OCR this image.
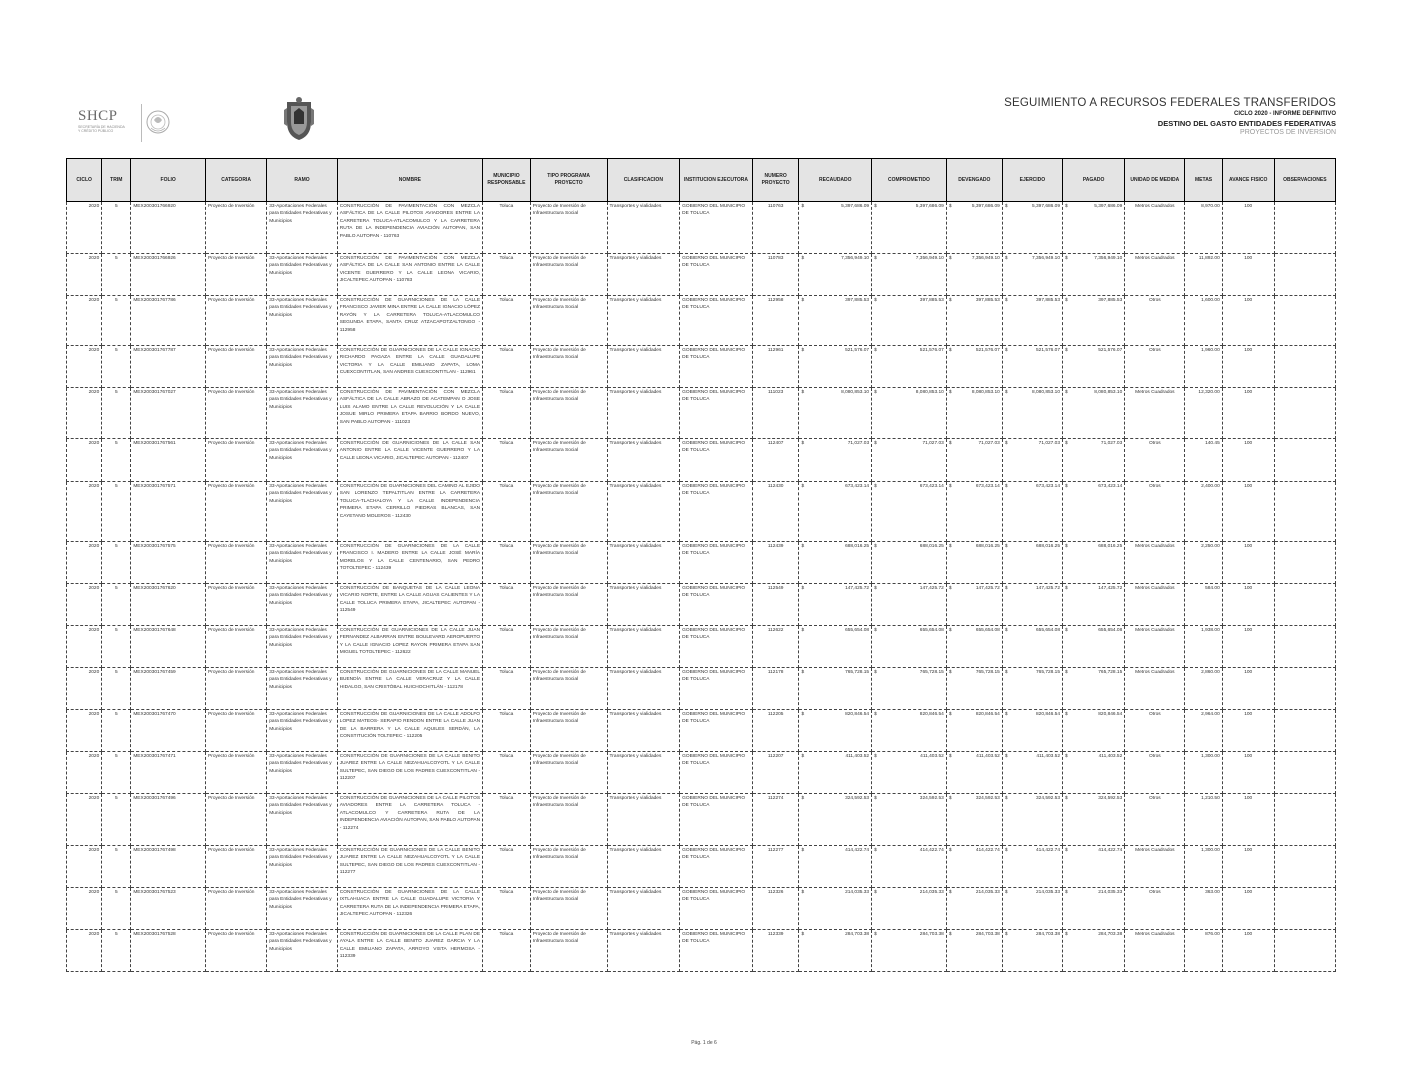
SHCP
SECRETARÍA DE HACIENDA
Y CRÉDITO PÚBLICO
SEGUIMIENTO A RECURSOS FEDERALES TRANSFERIDOS
CICLO 2020 - INFORME DEFINITIVO
DESTINO DEL GASTO ENTIDADES FEDERATIVAS
PROYECTOS DE INVERSION
CICLO	TRIM	FOLIO	CATEGORIA	RAMO	NOMBRE	MUNICIPIO RESPONSABLE	TIPO PROGRAMA PROYECTO	CLASIFICACION	INSTITUCION EJECUTORA	NUMERO PROYECTO	RECAUDADO	COMPROMETIDO	DEVENGADO	EJERCIDO	PAGADO	UNIDAD DE MEDIDA	METAS	AVANCE FISICO	OBSERVACIONES
2020	5	MEX200301766920	Proyecto de Inversión	33-Aportaciones Federales para Entidades Federativas y Municipios	CONSTRUCCIÓN DE PAVIMENTACIÓN CON MEZCLA ASFÁLTICA DE LA CALLE PILOTOS AVIADORES ENTRE LA CARRETERA TOLUCA-ATLACOMULCO Y LA CARRETERA RUTA DE LA INDEPENDENCIA AVIACIÓN AUTOPAN, SAN PABLO AUTOPAN - 110763	Toluca	Proyecto de Inversión de Infraestructura Social	Transportes y vialidades	GOBIERNO DEL MUNICIPIO DE TOLUCA	110763	$ 5,397,686.09	$ 5,397,686.09	$ 5,397,686.09	$ 5,397,686.09	$ 5,397,686.09	Metros Cuadrados	8,970.00	100	
2020	5	MEX200301766926	Proyecto de Inversión	33-Aportaciones Federales para Entidades Federativas y Municipios	CONSTRUCCIÓN DE PAVIMENTACIÓN CON MEZCLA ASFÁLTICA DE LA CALLE SAN ANTONIO ENTRE LA CALLE VICENTE GUERRERO Y LA CALLE LEONA VICARIO, JICALTEPEC AUTOPAN - 110783	Toluca	Proyecto de Inversión de Infraestructura Social	Transportes y vialidades	GOBIERNO DEL MUNICIPIO DE TOLUCA	110783	$ 7,356,949.10	$ 7,356,949.10	$ 7,356,949.10	$ 7,356,949.10	$ 7,356,949.10	Metros Cuadrados	11,892.00	100	
2020	5	MEX200301767786	Proyecto de Inversión	33-Aportaciones Federales para Entidades Federativas y Municipios	CONSTRUCCIÓN DE GUARNICIONES DE LA CALLE FRANCISCO JAVIER MINA ENTRE LA CALLE IGNACIO LÓPEZ RAYÓN Y LA CARRETERA TOLUCA-ATLACOMULCO SEGUNDA ETAPA, SANTA CRUZ ATZACAPOTZALTONGO - 112958	Toluca	Proyecto de Inversión de Infraestructura Social	Transportes y vialidades	GOBIERNO DEL MUNICIPIO DE TOLUCA	112958	$ 397,885.53	$ 397,885.53	$ 397,885.53	$ 397,885.53	$ 397,885.53	Otros	1,600.00	100	
2020	5	MEX200301767787	Proyecto de Inversión	33-Aportaciones Federales para Entidades Federativas y Municipios	CONSTRUCCIÓN DE GUARNICIONES DE LA CALLE IGNACIO RICHARDO PAGAZA ENTRE LA CALLE GUADALUPE VICTORIA Y LA CALLE EMILIANO ZAPATA, LOMA CUEXCONTITLAN, SAN ANDRES CUEXCONTITLAN - 112961	Toluca	Proyecto de Inversión de Infraestructura Social	Transportes y vialidades	GOBIERNO DEL MUNICIPIO DE TOLUCA	112961	$ 521,576.07	$ 521,576.07	$ 521,576.07	$ 521,576.07	$ 521,576.07	Otros	1,960.00	100	
2020	5	MEX200301767027	Proyecto de Inversión	33-Aportaciones Federales para Entidades Federativas y Municipios	CONSTRUCCIÓN DE PAVIMENTACIÓN CON MEZCLA ASFÁLTICA DE LA CALLE ABRAZO DE ACATEMPAN O JOSE LUIS ALAMO ENTRE LA CALLE REVOLUCIÓN Y LA CALLE JOSUE MIRLO PRIMERA ETAPA BARRIO BORDO NUEVO, SAN PABLO AUTOPAN - 111023	Toluca	Proyecto de Inversión de Infraestructura Social	Transportes y vialidades	GOBIERNO DEL MUNICIPIO DE TOLUCA	111023	$ 8,080,853.10	$ 8,080,853.10	$ 8,080,853.10	$ 8,080,853.10	$ 8,080,853.10	Metros Cuadrados	12,320.00	100	
2020	5	MEX200301767561	Proyecto de Inversión	33-Aportaciones Federales para Entidades Federativas y Municipios	CONSTRUCCIÓN DE GUARNICIONES DE LA CALLE SAN ANTONIO ENTRE LA CALLE VICENTE GUERRERO Y LA CALLE LEONA VICARIO, JICALTEPEC AUTOPAN - 112407	Toluca	Proyecto de Inversión de Infraestructura Social	Transportes y vialidades	GOBIERNO DEL MUNICIPIO DE TOLUCA	112407	$ 71,027.03	$ 71,027.03	$ 71,027.03	$ 71,027.03	$ 71,027.03	Otros	140.45	100	
2020	5	MEX200301767571	Proyecto de Inversión	33-Aportaciones Federales para Entidades Federativas y Municipios	CONSTRUCCIÓN DE GUARNICIONES DEL CAMINO AL EJIDO SAN LORENZO TEPALTITLAN ENTRE LA CARRETERA TOLUCA-TLACHALOYA Y LA CALLE INDEPENDENCIA PRIMERA ETAPA CERRILLO PIEDRAS BLANCAS, SAN CAYETANO MOLEROS - 112430	Toluca	Proyecto de Inversión de Infraestructura Social	Transportes y vialidades	GOBIERNO DEL MUNICIPIO DE TOLUCA	112430	$ 673,423.14	$ 673,423.14	$ 673,423.14	$ 673,423.14	$ 673,423.14	Otros	2,400.00	100	
2020	5	MEX200301767575	Proyecto de Inversión	33-Aportaciones Federales para Entidades Federativas y Municipios	CONSTRUCCIÓN DE GUARNICIONES DE LA CALLE FRANCISCO I. MADERO ENTRE LA CALLE JOSÉ MARÍA MORELOS Y LA CALLE CENTENARIO, SAN PEDRO TOTOLTEPEC - 112439	Toluca	Proyecto de Inversión de Infraestructura Social	Transportes y vialidades	GOBIERNO DEL MUNICIPIO DE TOLUCA	112439	$ 688,016.25	$ 688,016.25	$ 688,016.25	$ 688,016.25	$ 688,016.25	Metros Cuadrados	2,250.00	100	
2020	5	MEX200301767620	Proyecto de Inversión	33-Aportaciones Federales para Entidades Federativas y Municipios	CONSTRUCCIÓN DE BANQUETAS DE LA CALLE LEONA VICARIO NORTE, ENTRE LA CALLE AGUAS CALIENTES Y LA CALLE TOLUCA PRIMERA ETAPA, JICALTEPEC AUTOPAN - 112549	Toluca	Proyecto de Inversión de Infraestructura Social	Transportes y vialidades	GOBIERNO DEL MUNICIPIO DE TOLUCA	112549	$ 147,425.72	$ 147,425.72	$ 147,425.72	$ 147,425.72	$ 147,425.72	Metros Cuadrados	584.00	100	
2020	5	MEX200301767648	Proyecto de Inversión	33-Aportaciones Federales para Entidades Federativas y Municipios	CONSTRUCCIÓN DE GUARNICIONES DE LA CALLE JUAN FERNANDEZ ALBARRAN ENTRE BOULEVARD AEROPUERTO Y LA CALLE IGNACIO LOPEZ RAYON PRIMERA ETAPA SAN MIGUEL TOTOLTEPEC - 112622	Toluca	Proyecto de Inversión de Infraestructura Social	Transportes y vialidades	GOBIERNO DEL MUNICIPIO DE TOLUCA	112622	$ 655,654.08	$ 655,654.08	$ 655,654.08	$ 655,654.08	$ 655,654.08	Metros Cuadrados	1,938.00	100	
2020	5	MEX200301767459	Proyecto de Inversión	33-Aportaciones Federales para Entidades Federativas y Municipios	CONSTRUCCIÓN DE GUARNICIONES DE LA CALLE MANUEL BUENDÍA ENTRE LA CALLE VERACRUZ Y LA CALLE HIDALGO, SAN CRISTÓBAL HUICHOCHITLÁN - 112178	Toluca	Proyecto de Inversión de Infraestructura Social	Transportes y vialidades	GOBIERNO DEL MUNICIPIO DE TOLUCA	112178	$ 765,728.15	$ 765,728.15	$ 765,728.15	$ 765,728.15	$ 765,728.15	Metros Cuadrados	2,860.00	100	
2020	5	MEX200301767470	Proyecto de Inversión	33-Aportaciones Federales para Entidades Federativas y Municipios	CONSTRUCCIÓN DE GUARNICIONES DE LA CALLE ADOLFO LOPEZ MATEOS- SERAPIO RENDON ENTRE LA CALLE JUAN DE LA BARRERA Y LA CALLE AQUILES SERDÁN, LA CONSTITUCIÓN TOLTEPEC - 112205	Toluca	Proyecto de Inversión de Infraestructura Social	Transportes y vialidades	GOBIERNO DEL MUNICIPIO DE TOLUCA	112205	$ 820,846.54	$ 820,846.54	$ 820,846.54	$ 820,846.54	$ 820,846.54	Otros	2,964.00	100	
2020	5	MEX200301767471	Proyecto de Inversión	33-Aportaciones Federales para Entidades Federativas y Municipios	CONSTRUCCIÓN DE GUARNICIONES DE LA CALLE BENITO JUAREZ ENTRE LA CALLE NEZAHUALCOYOTL Y LA CALLE SULTEPEC, SAN DIEGO DE LOS PADRES CUEXCONTITLAN - 112207	Toluca	Proyecto de Inversión de Infraestructura Social	Transportes y vialidades	GOBIERNO DEL MUNICIPIO DE TOLUCA	112207	$ 411,403.52	$ 411,403.52	$ 411,403.52	$ 411,403.52	$ 411,403.52	Otros	1,300.00	100	
2020	5	MEX200301767496	Proyecto de Inversión	33-Aportaciones Federales para Entidades Federativas y Municipios	CONSTRUCCIÓN DE GUARNICIONES DE LA CALLE PILOTOS AVIADORES ENTRE LA CARRETERA TOLUCA - ATLACOMULCO Y CARRETERA RUTA DE LA INDEPENDENCIA AVIACIÓN AUTOPAN, SAN PABLO AUTOPAN - 112274	Toluca	Proyecto de Inversión de Infraestructura Social	Transportes y vialidades	GOBIERNO DEL MUNICIPIO DE TOLUCA	112274	$ 324,592.53	$ 324,592.53	$ 324,592.53	$ 324,592.53	$ 324,592.53	Otros	1,210.50	100	
2020	5	MEX200301767498	Proyecto de Inversión	33-Aportaciones Federales para Entidades Federativas y Municipios	CONSTRUCCIÓN DE GUARNICIONES DE LA CALLE BENITO JUAREZ ENTRE LA CALLE NEZAHUALCOYOTL Y LA CALLE SULTEPEC, SAN DIEGO DE LOS PADRES CUEXCONTITLAN - 112277	Toluca	Proyecto de Inversión de Infraestructura Social	Transportes y vialidades	GOBIERNO DEL MUNICIPIO DE TOLUCA	112277	$ 414,422.74	$ 414,422.74	$ 414,422.74	$ 414,422.74	$ 414,422.74	Metros Cuadrados	1,300.00	100	
2020	5	MEX200301767523	Proyecto de Inversión	33-Aportaciones Federales para Entidades Federativas y Municipios	CONSTRUCCIÓN DE GUARNICIONES DE LA CALLE IXTLAHUACA ENTRE LA CALLE GUADALUPE VICTORIA Y CARRETERA RUTA DE LA INDEPENDENCIA PRIMERA ETAPA, JICALTEPEC AUTOPAN - 112326	Toluca	Proyecto de Inversión de Infraestructura Social	Transportes y vialidades	GOBIERNO DEL MUNICIPIO DE TOLUCA	112326	$ 214,035.33	$ 214,035.33	$ 214,035.33	$ 214,035.33	$ 214,035.33	Otros	363.00	100	
2020	5	MEX200301767528	Proyecto de Inversión	33-Aportaciones Federales para Entidades Federativas y Municipios	CONSTRUCCIÓN DE GUARNICIONES DE LA CALLE PLAN DE AYALA ENTRE LA CALLE BENITO JUAREZ GARCIA Y LA CALLE EMILIANO ZAPATA, ARROYO VISTA HERMOSA - 112339	Toluca	Proyecto de Inversión de Infraestructura Social	Transportes y vialidades	GOBIERNO DEL MUNICIPIO DE TOLUCA	112339	$ 284,703.38	$ 284,703.38	$ 284,703.38	$ 284,703.38	$ 284,703.38	Metros Cuadrados	876.00	100	
Pág. 1 de 6
